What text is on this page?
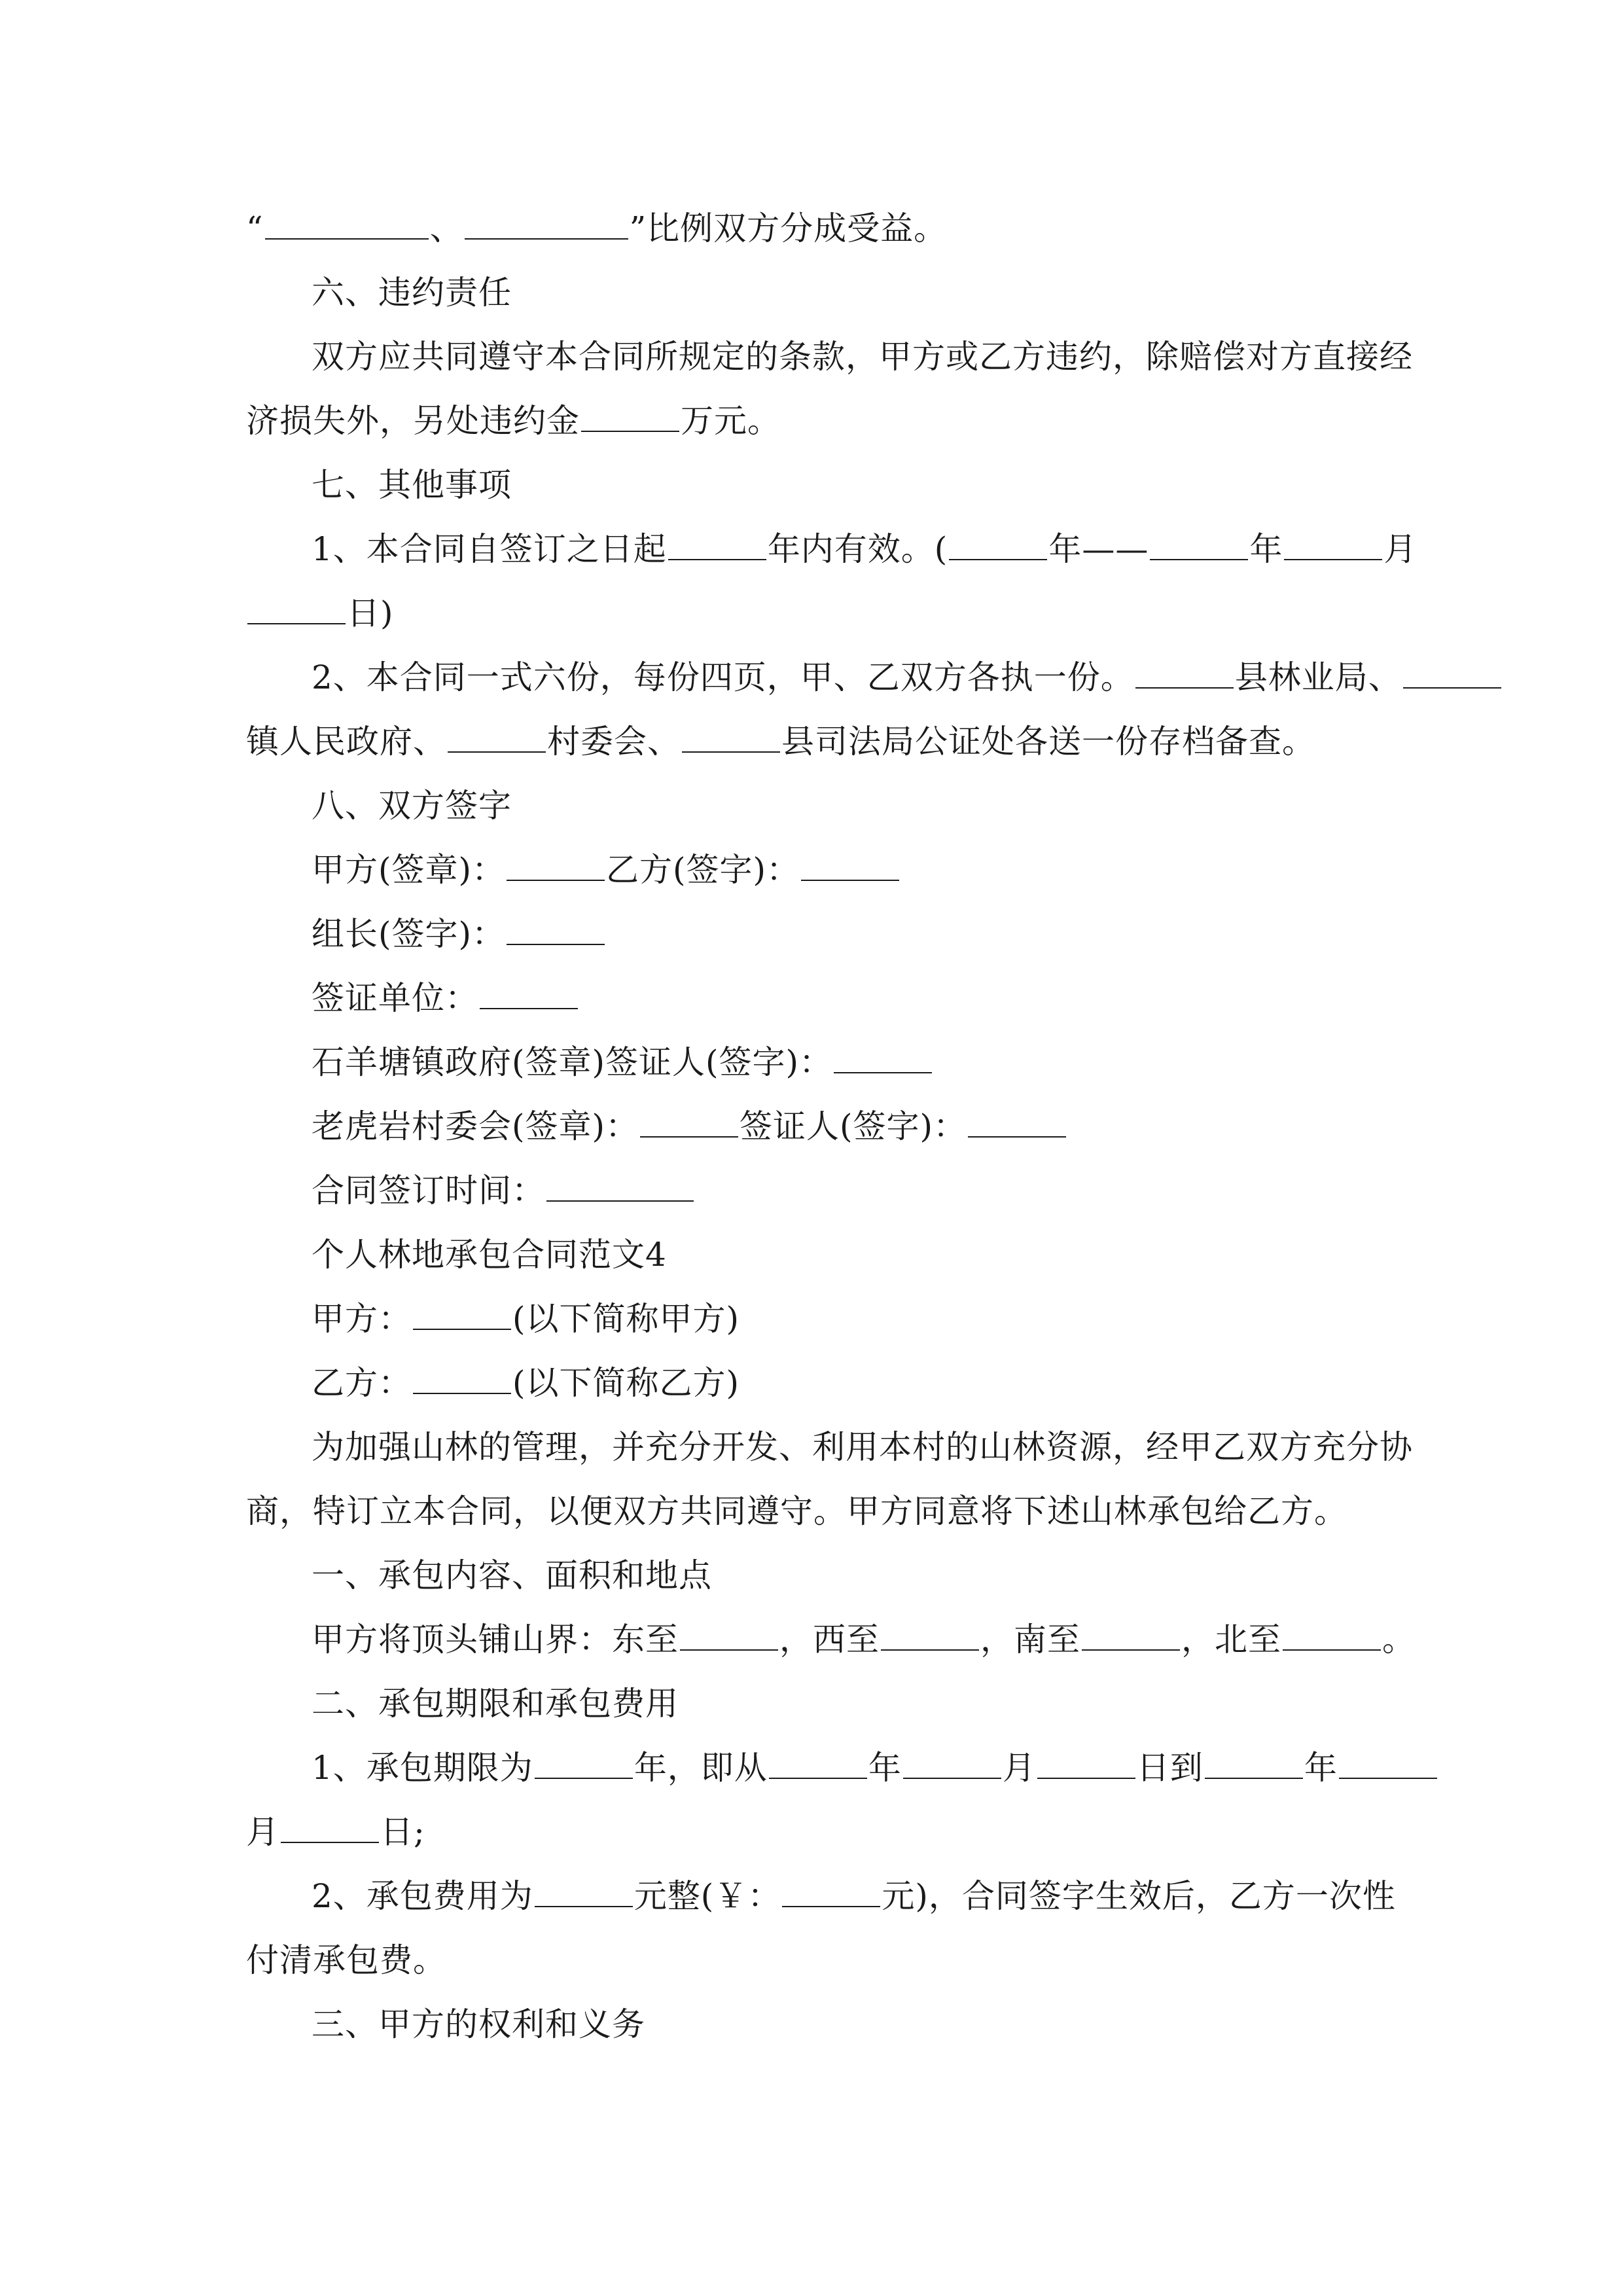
“	、	”比例双方分成受益。
六、违约责任
双方应共同遵守本合同所规定的条款，甲方或乙方违约，除赔偿对方直接经
济损失外，另处违约金	万元。
七、其他事项
1、本合同自签订之日起	年内有效。(	年——	年	月
日)
2、本合同一式六份，每份四页，甲、乙双方各执一份。	县林业局、
镇人民政府、	村委会、	县司法局公证处各送一份存档备查。
八、双方签字
甲方(签章)：	乙方(签字)：
组长(签字)：
签证单位：
石羊塘镇政府(签章)签证人(签字)：
老虎岩村委会(签章)：	签证人(签字)：
合同签订时间：
个人林地承包合同范文4
甲方：	(以下简称甲方)
乙方：	(以下简称乙方)
为加强山林的管理，并充分开发、利用本村的山林资源，经甲乙双方充分协
商，特订立本合同，以便双方共同遵守。甲方同意将下述山林承包给乙方。
一、承包内容、面积和地点
甲方将顶头铺山界：东至	，西至	，南至	，北至	。
二、承包期限和承包费用
1、承包期限为	年，即从	年	月	日到	年
月	日;
2、承包费用为	元整(￥：	元)，合同签字生效后，乙方一次性
付清承包费。
三、甲方的权利和义务
